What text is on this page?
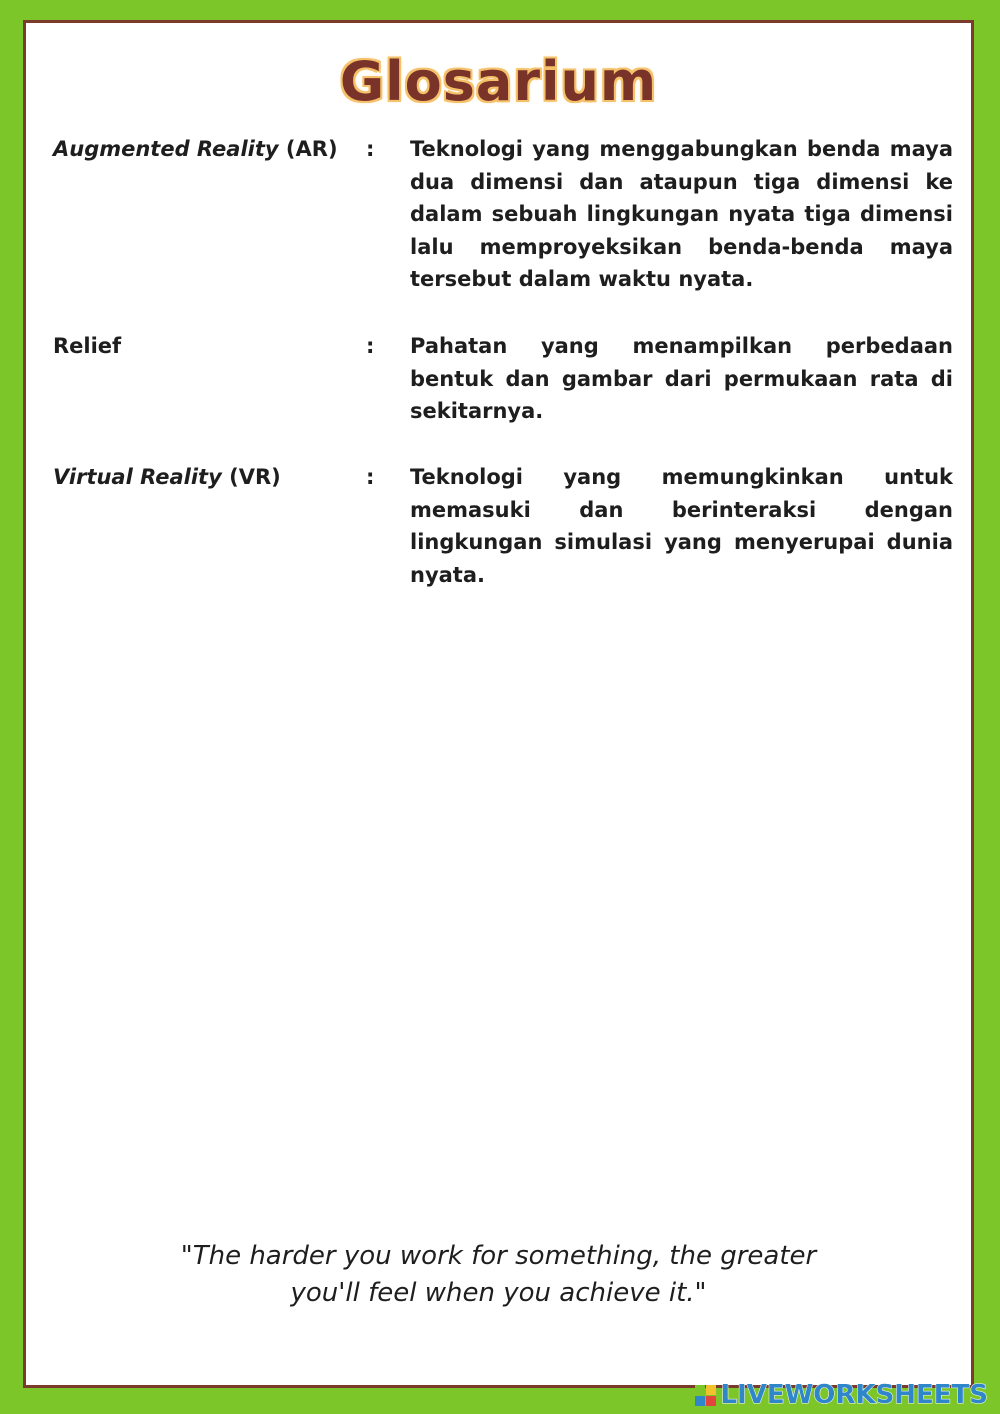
Glosarium
Augmented Reality (AR)	: Teknologi yang menggabungkan benda maya dua dimensi dan ataupun tiga dimensi ke dalam sebuah lingkungan nyata tiga dimensi lalu memproyeksikan benda-benda maya tersebut dalam waktu nyata.
Relief	: Pahatan yang menampilkan perbedaan bentuk dan gambar dari permukaan rata di sekitarnya.
Virtual Reality (VR)	: Teknologi yang memungkinkan untuk memasuki dan berinteraksi dengan lingkungan simulasi yang menyerupai dunia nyata.
"The harder you work for something, the greater
you'll feel when you achieve it."
LIVEWORKSHEETS
